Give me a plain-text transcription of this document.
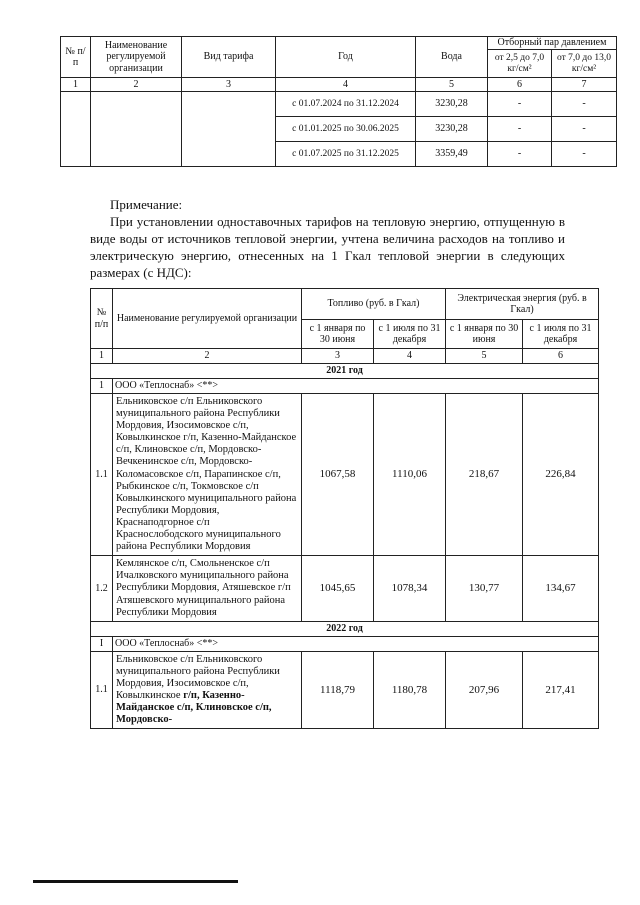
№ п/п	Наименование регулируемой организации	Вид тарифа	Год	Вода	Отборный пар давлением	
					от 2,5 до 7,0 кг/см²	от 7,0 до 13,0 кг/см²
1	2	3	4	5	6	7
			с 01.07.2024 по 31.12.2024	3230,28	-	-
			с 01.01.2025 по 30.06.2025	3230,28	-	-
			с 01.07.2025 по 31.12.2025	3359,49	-	-
Примечание:

При установлении одноставочных тарифов на тепловую энергию, отпущенную в виде воды от источников тепловой энергии, учтена величина расходов на топливо и электрическую энергию, отнесенных на 1 Гкал тепловой энергии в следующих размерах (с НДС):

№ п/п	Наименование регулируемой организации	Топливо (руб. в Гкал)		Электрическая энергия (руб. в Гкал)	
		с 1 января по 30 июня	с 1 июля по 31 декабря	с 1 января по 30 июня	с 1 июля по 31 декабря
1	2	3	4	5	6
2021 год					
1	ООО «Теплоснаб» <**>				
1.1	Ельниковское с/п Ельниковского муниципального района Республики Мордовия, Изосимовское с/п, Ковылкинское г/п, Казенно-Майданское с/п, Клиновское с/п, Мордовско-Вечкенинское с/п, Мордовско-Коломасовское с/п, Парапинское с/п, Рыбкинское с/п, Токмовское с/п Ковылкинского муниципального района Республики Мордовия, Краснаподгорное с/п Краснослободского муниципального района Республики Мордовия	1067,58	1110,06	218,67	226,84
1.2	Кемлянское с/п, Смольненское с/п Ичалковского муниципального района Республики Мордовия, Атяшевское г/п Атяшевского муниципального района Республики Мордовия	1045,65	1078,34	130,77	134,67
2022 год					
I	ООО «Теплоснаб» <**>				
1.1	Ельниковское с/п Ельниковского муниципального района Республики Мордовия, Изосимовское с/п, Ковылкинское г/п, Казенно-Майданское с/п, Клиновское с/п, Мордовско-	1118,79	1180,78	207,96	217,41
